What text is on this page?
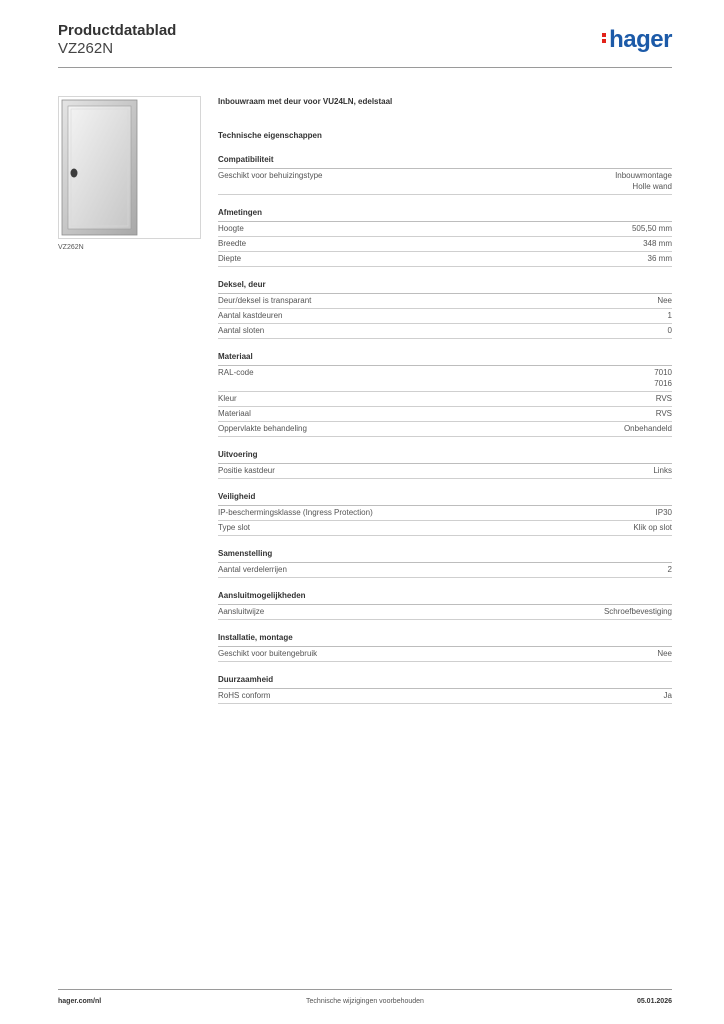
Productdatablad
VZ262N	hager
VZ262N
Inbouwraam met deur voor VU24LN, edelstaal
Technische eigenschappen
Compatibiliteit
Geschikt voor behuizingstype	Inbouwmontage
Holle wand
Afmetingen
Hoogte	505,50 mm
Breedte	348 mm
Diepte	36 mm
Deksel, deur
Deur/deksel is transparant	Nee
Aantal kastdeuren	1
Aantal sloten	0
Materiaal
RAL-code	7010
7016
Kleur	RVS
Materiaal	RVS
Oppervlakte behandeling	Onbehandeld
Uitvoering
Positie kastdeur	Links
Veiligheid
IP-beschermingsklasse (Ingress Protection)	IP30
Type slot	Klik op slot
Samenstelling
Aantal verdelerrijen	2
Aansluitmogelijkheden
Aansluitwijze	Schroefbevestiging
Installatie, montage
Geschikt voor buitengebruik	Nee
Duurzaamheid
RoHS conform	Ja
hager.com/nl	Technische wijzigingen voorbehouden	05.01.2026
